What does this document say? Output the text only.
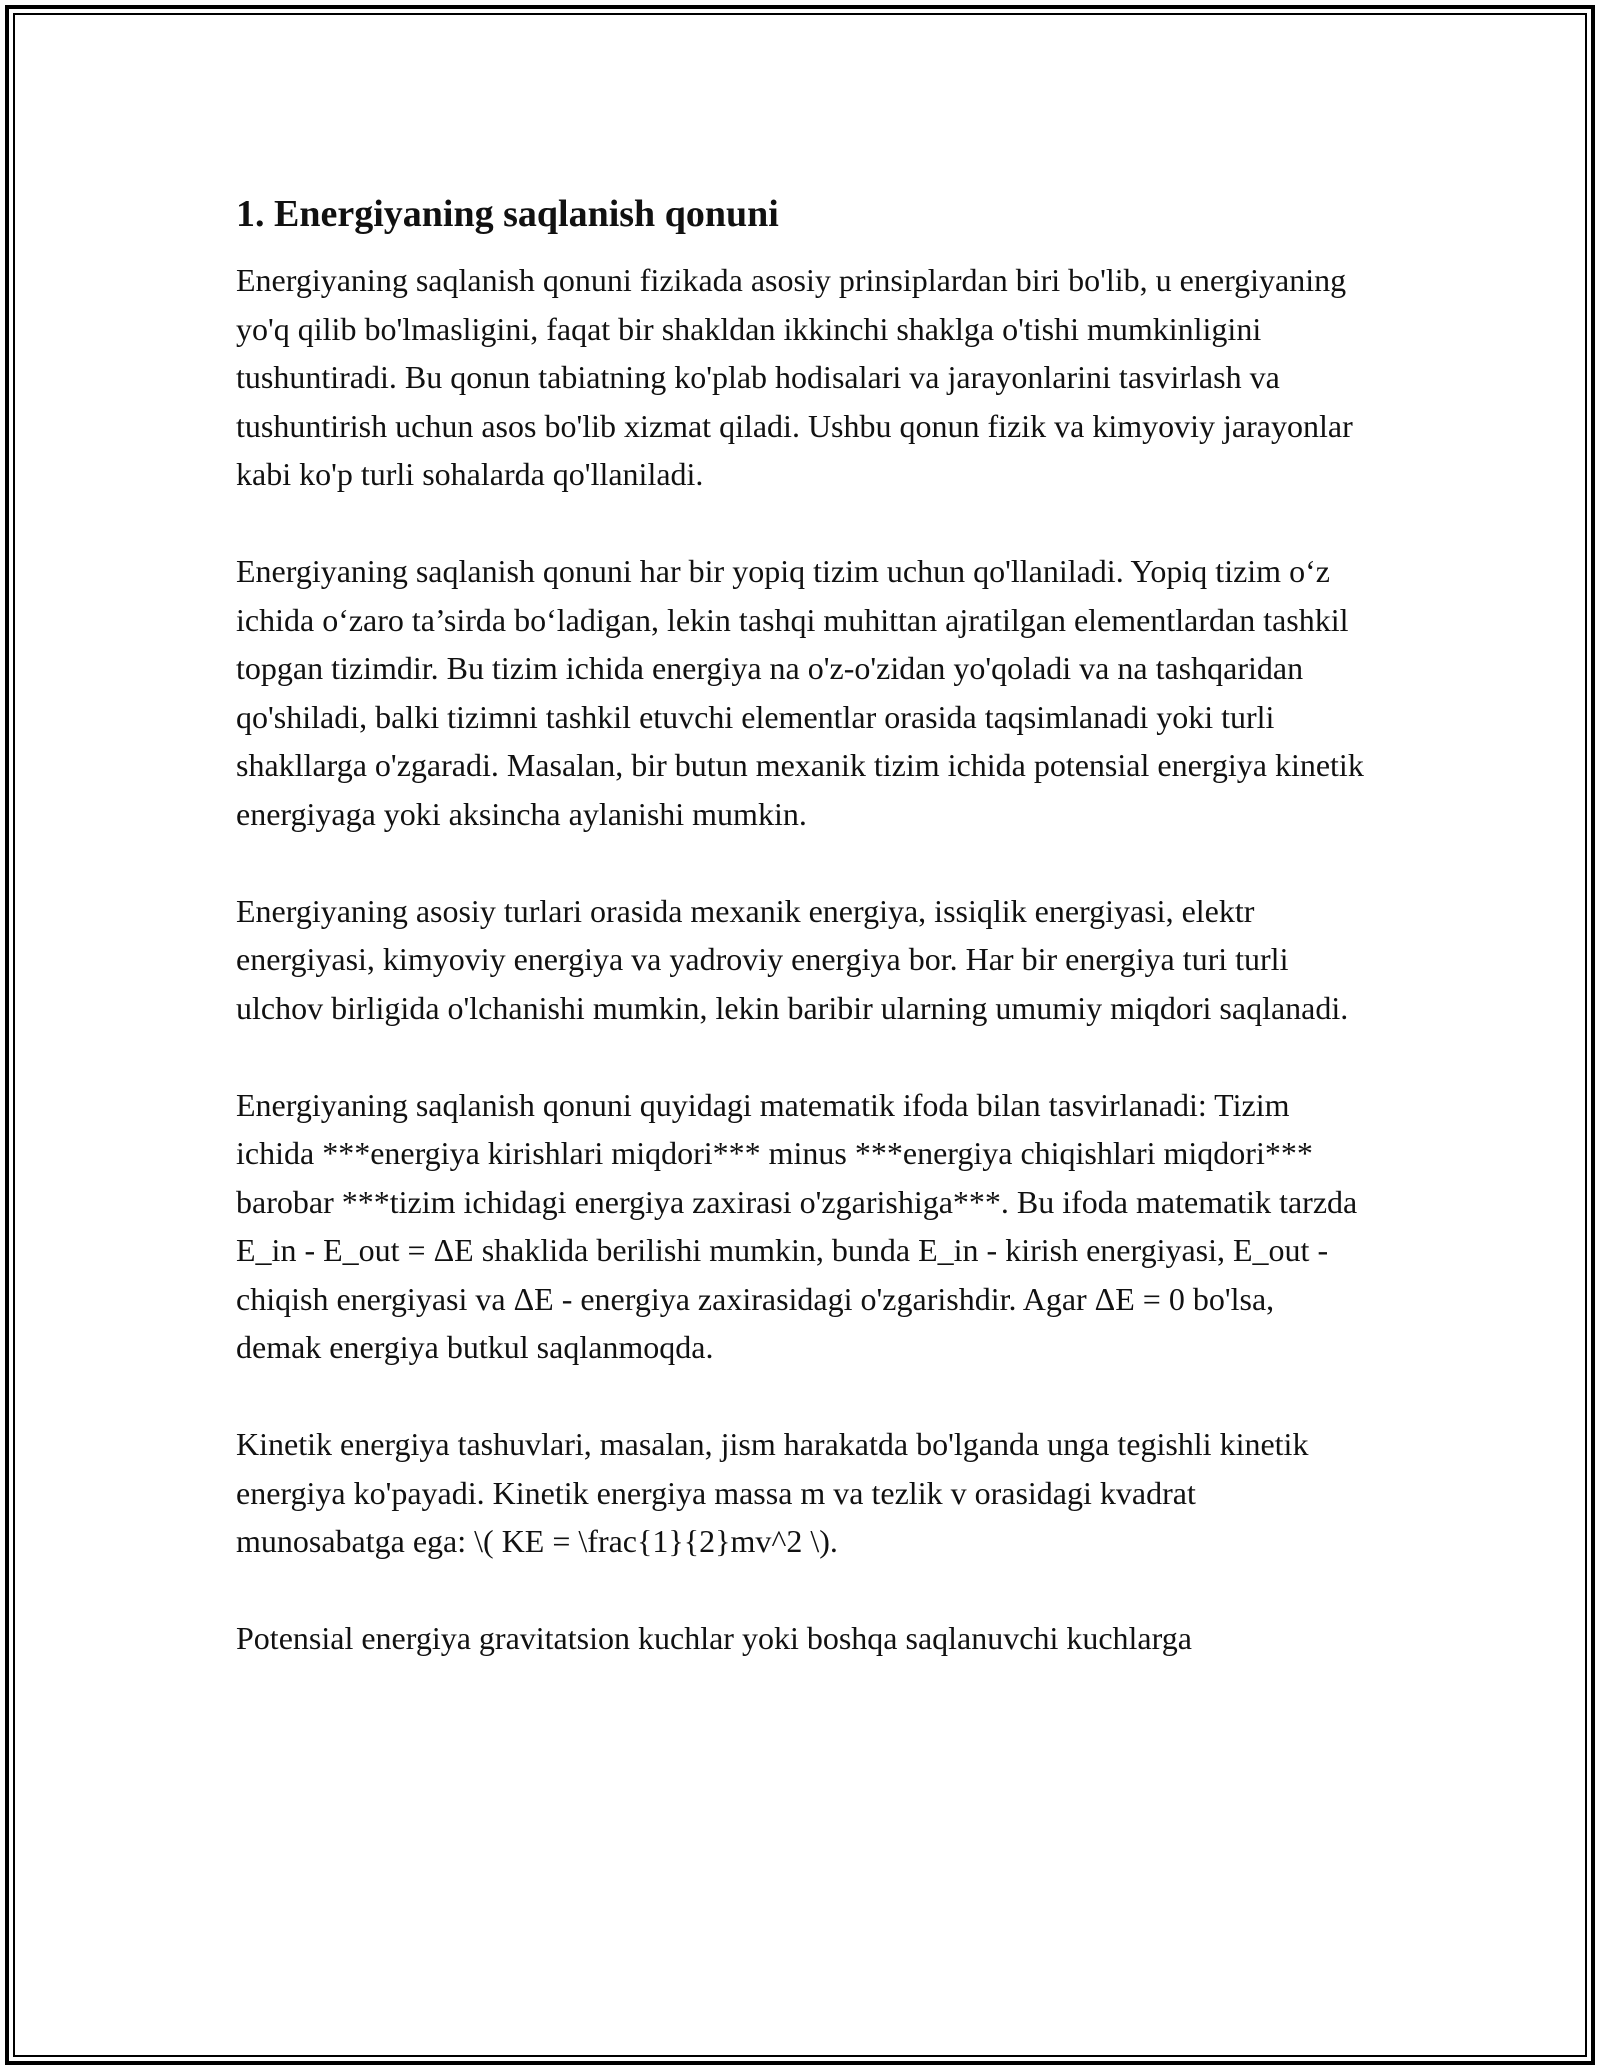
1. Energiyaning saqlanish qonuni

Energiyaning saqlanish qonuni fizikada asosiy prinsiplardan biri bo'lib, u energiyaning yo'q qilib bo'lmasligini, faqat bir shakldan ikkinchi shaklga o'tishi mumkinligini tushuntiradi. Bu qonun tabiatning ko'plab hodisalari va jarayonlarini tasvirlash va tushuntirish uchun asos bo'lib xizmat qiladi. Ushbu qonun fizik va kimyoviy jarayonlar kabi ko'p turli sohalarda qo'llaniladi.

Energiyaning saqlanish qonuni har bir yopiq tizim uchun qo'llaniladi. Yopiq tizim o‘z ichida o‘zaro ta’sirda bo‘ladigan, lekin tashqi muhittan ajratilgan elementlardan tashkil topgan tizimdir. Bu tizim ichida energiya na o'z-o'zidan yo'qoladi va na tashqaridan qo'shiladi, balki tizimni tashkil etuvchi elementlar orasida taqsimlanadi yoki turli shakllarga o'zgaradi. Masalan, bir butun mexanik tizim ichida potensial energiya kinetik energiyaga yoki aksincha aylanishi mumkin.

Energiyaning asosiy turlari orasida mexanik energiya, issiqlik energiyasi, elektr energiyasi, kimyoviy energiya va yadroviy energiya bor. Har bir energiya turi turli ulchov birligida o'lchanishi mumkin, lekin baribir ularning umumiy miqdori saqlanadi.

Energiyaning saqlanish qonuni quyidagi matematik ifoda bilan tasvirlanadi: Tizim ichida ***energiya kirishlari miqdori*** minus ***energiya chiqishlari miqdori*** barobar ***tizim ichidagi energiya zaxirasi o'zgarishiga***. Bu ifoda matematik tarzda E_in - E_out = ΔE shaklida berilishi mumkin, bunda E_in - kirish energiyasi, E_out - chiqish energiyasi va ΔE - energiya zaxirasidagi o'zgarishdir. Agar ΔE = 0 bo'lsa, demak energiya butkul saqlanmoqda.

Kinetik energiya tashuvlari, masalan, jism harakatda bo'lganda unga tegishli kinetik energiya ko'payadi. Kinetik energiya massa m va tezlik v orasidagi kvadrat munosabatga ega: \( KE = \frac{1}{2}mv^2 \).

Potensial energiya gravitatsion kuchlar yoki boshqa saqlanuvchi kuchlarga
